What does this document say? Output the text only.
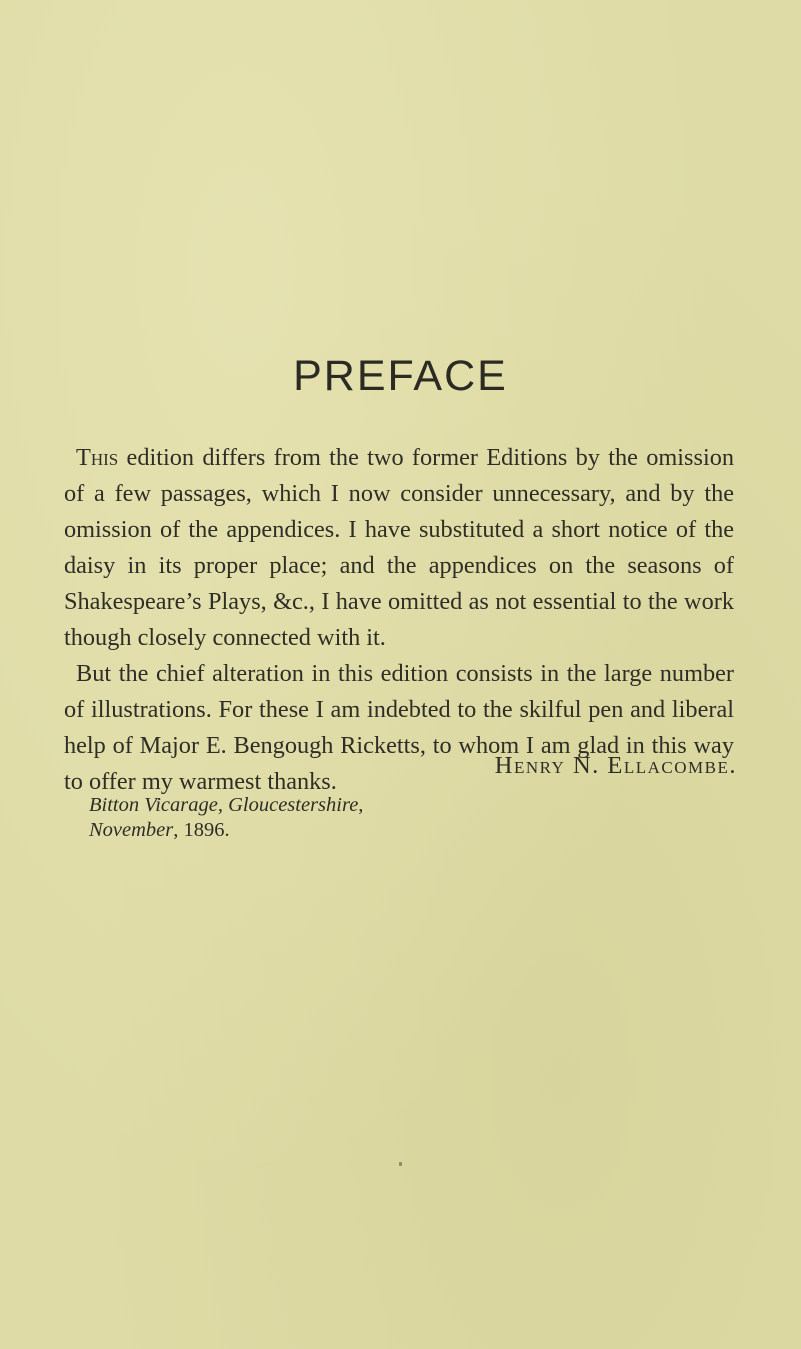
PREFACE

This edition differs from the two former Editions by the omission of a few passages, which I now consider unnecessary, and by the omission of the appendices. I have substituted a short notice of the daisy in its proper place; and the appendices on the seasons of Shakespeare’s Plays, &c., I have omitted as not essential to the work though closely connected with it.

But the chief alteration in this edition consists in the large number of illustrations. For these I am indebted to the skilful pen and liberal help of Major E. Bengough Ricketts, to whom I am glad in this way to offer my warmest thanks.

Henry N. Ellacombe.
Bitton Vicarage, Gloucestershire,
November, 1896.
